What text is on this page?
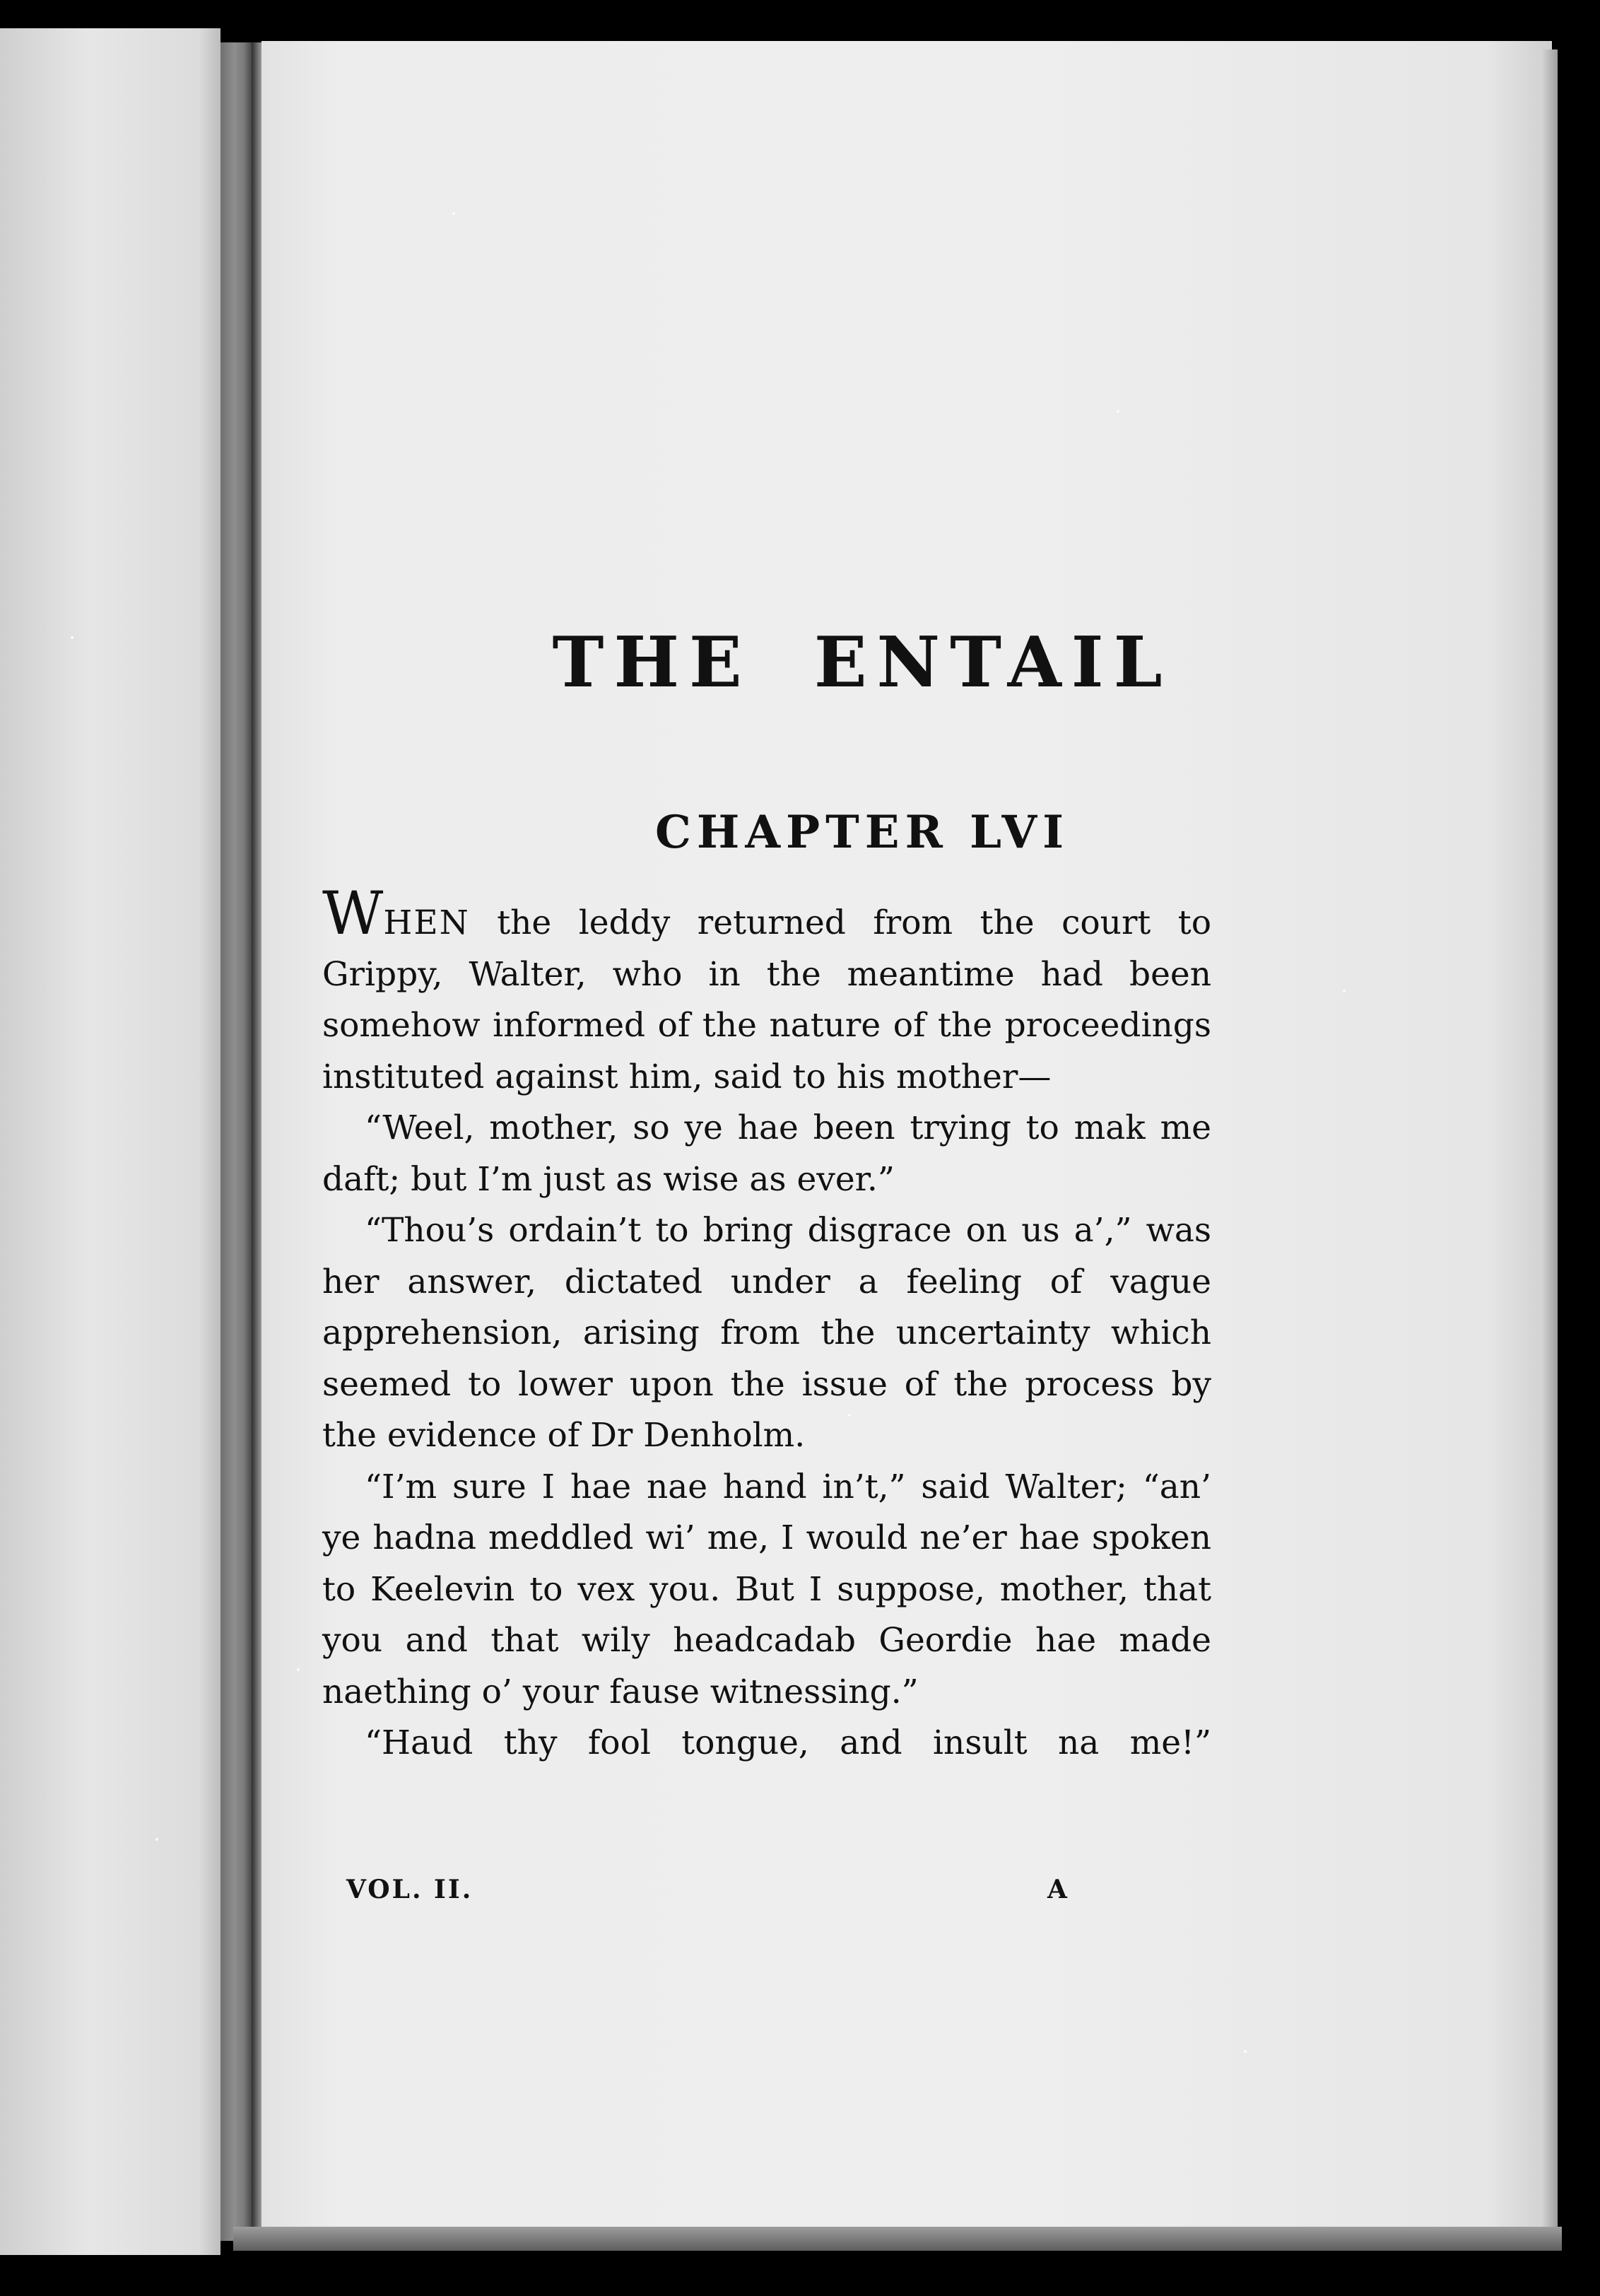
THE ENTAIL
CHAPTER LVI

WHEN the leddy returned from the court to Grippy, Walter, who in the meantime had been somehow informed of the nature of the proceedings instituted against him, said to his mother—

“Weel, mother, so ye hae been trying to mak me daft; but I’m just as wise as ever.”

“Thou’s ordain’t to bring disgrace on us a’,” was her answer, dictated under a feeling of vague apprehension, arising from the uncertainty which seemed to lower upon the issue of the process by the evidence of Dr Denholm.

“I’m sure I hae nae hand in’t,” said Walter; “an’ ye hadna meddled wi’ me, I would ne’er hae spoken to Keelevin to vex you. But I suppose, mother, that you and that wily headcadab Geordie hae made naething o’ your fause witnessing.”

“Haud thy fool tongue, and insult na me!”

VOL. II.	A
